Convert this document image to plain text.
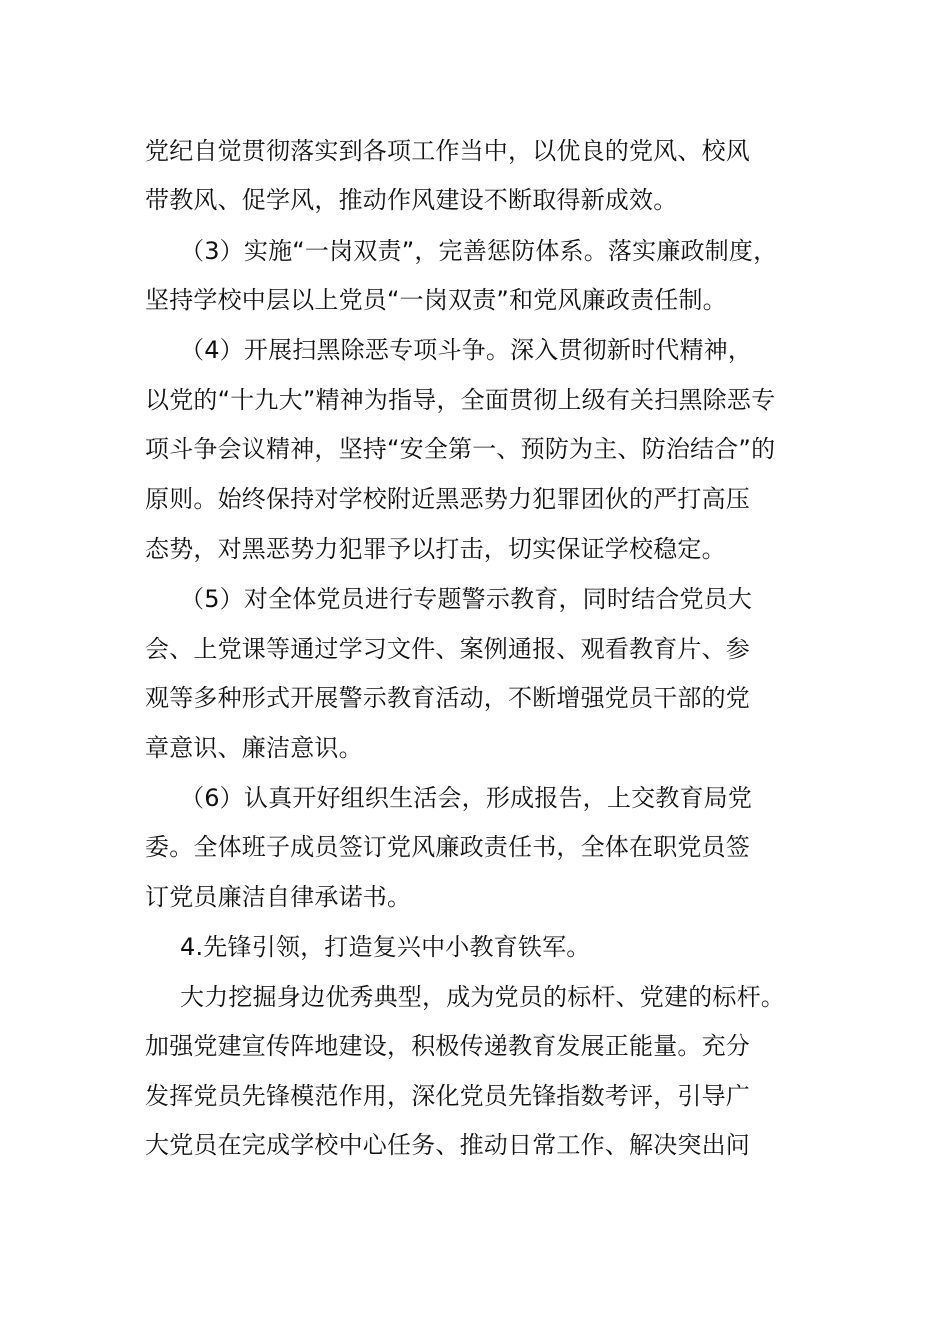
党纪自觉贯彻落实到各项工作当中，以优良的党风、校风
带教风、促学风，推动作风建设不断取得新成效。
（3）实施“一岗双责”，完善惩防体系。落实廉政制度，
坚持学校中层以上党员“一岗双责”和党风廉政责任制。
（4）开展扫黑除恶专项斗争。深入贯彻新时代精神，
以党的“十九大”精神为指导，全面贯彻上级有关扫黑除恶专
项斗争会议精神，坚持“安全第一、预防为主、防治结合”的
原则。始终保持对学校附近黑恶势力犯罪团伙的严打高压
态势，对黑恶势力犯罪予以打击，切实保证学校稳定。
（5）对全体党员进行专题警示教育，同时结合党员大
会、上党课等通过学习文件、案例通报、观看教育片、参
观等多种形式开展警示教育活动，不断增强党员干部的党
章意识、廉洁意识。
（6）认真开好组织生活会，形成报告，上交教育局党
委。全体班子成员签订党风廉政责任书，全体在职党员签
订党员廉洁自律承诺书。
4.先锋引领，打造复兴中小教育铁军。
大力挖掘身边优秀典型，成为党员的标杆、党建的标杆。
加强党建宣传阵地建设，积极传递教育发展正能量。充分
发挥党员先锋模范作用，深化党员先锋指数考评，引导广
大党员在完成学校中心任务、推动日常工作、解决突出问
